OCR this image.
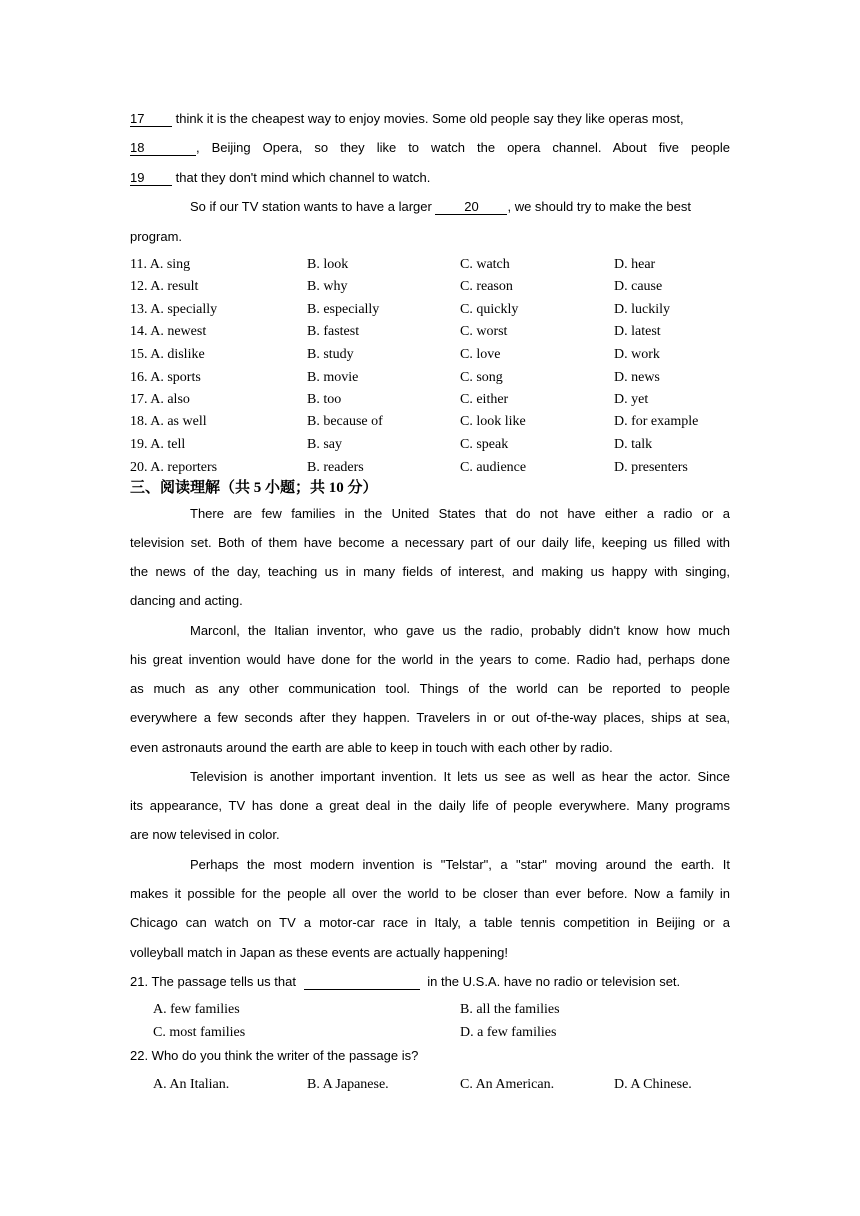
17 think it is the cheapest way to enjoy movies. Some old people say they like operas most,
18	, Beijing Opera, so they like to watch the opera channel. About five people
19 that they don't mind which channel to watch.
So if our TV station wants to have a larger 20 , we should try to make the best
program.
11. A. sing	B. look	C. watch	D. hear
12. A. result	B. why	C. reason	D. cause
13. A. specially	B. especially	C. quickly	D. luckily
14. A. newest	B. fastest	C. worst	D. latest
15. A. dislike	B. study	C. love	D. work
16. A. sports	B. movie	C. song	D. news
17. A. also	B. too	C. either	D. yet
18. A. as well	B. because of	C. look like	D. for example
19. A. tell	B. say	C. speak	D. talk
20. A. reporters	B. readers	C. audience	D. presenters
三、阅读理解（共 5 小题；共 10 分）
There are few families in the United States that do not have either a radio or a
television set. Both of them have become a necessary part of our daily life, keeping us filled with
the news of the day, teaching us in many fields of interest, and making us happy with singing,
dancing and acting.
Marconl, the Italian inventor, who gave us the radio, probably didn't know how much
his great invention would have done for the world in the years to come. Radio had, perhaps done
as much as any other communication tool. Things of the world can be reported to people
everywhere a few seconds after they happen. Travelers in or out of-the-way places, ships at sea,
even astronauts around the earth are able to keep in touch with each other by radio.
Television is another important invention. It lets us see as well as hear the actor. Since
its appearance, TV has done a great deal in the daily life of people everywhere. Many programs
are now televised in color.
Perhaps the most modern invention is "Telstar", a "star" moving around the earth. It
makes it possible for the people all over the world to be closer than ever before. Now a family in
Chicago can watch on TV a motor-car race in Italy, a table tennis competition in Beijing or a
volleyball match in Japan as these events are actually happening!
21. The passage tells us that	in the U.S.A. have no radio or television set.
A. few families	B. all the families
C. most families	D. a few families
22. Who do you think the writer of the passage is?
A. An Italian.	B. A Japanese.	C. An American.	D. A Chinese.
